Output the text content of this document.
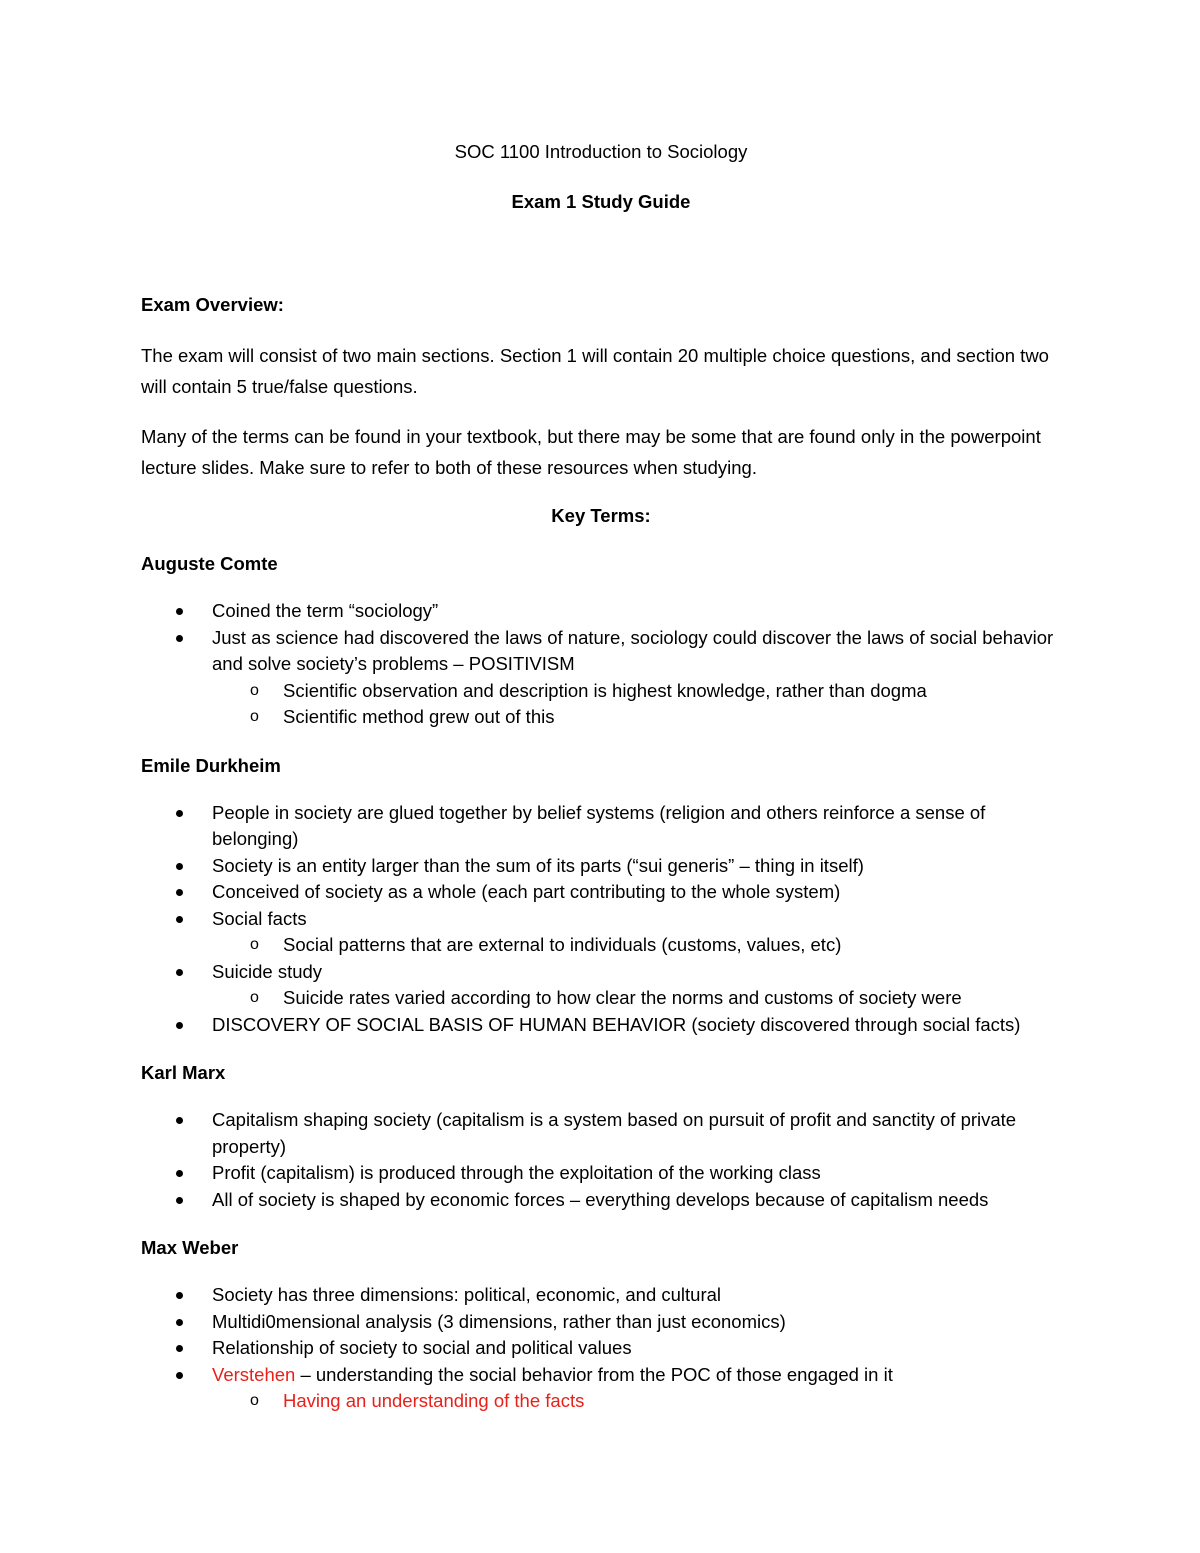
SOC 1100 Introduction to Sociology
Exam 1 Study Guide
Exam Overview:

The exam will consist of two main sections. Section 1 will contain 20 multiple choice questions, and section two will contain 5 true/false questions.

Many of the terms can be found in your textbook, but there may be some that are found only in the powerpoint lecture slides. Make sure to refer to both of these resources when studying.

Key Terms:
Auguste Comte
Coined the term “sociology”
Just as science had discovered the laws of nature, sociology could discover the laws of social behavior and solve society’s problems – POSITIVISM
o Scientific observation and description is highest knowledge, rather than dogma
o Scientific method grew out of this
Emile Durkheim
People in society are glued together by belief systems (religion and others reinforce a sense of belonging)
Society is an entity larger than the sum of its parts (“sui generis” – thing in itself)
Conceived of society as a whole (each part contributing to the whole system)
Social facts
o Social patterns that are external to individuals (customs, values, etc)
Suicide study
o Suicide rates varied according to how clear the norms and customs of society were
DISCOVERY OF SOCIAL BASIS OF HUMAN BEHAVIOR (society discovered through social facts)
Karl Marx
Capitalism shaping society (capitalism is a system based on pursuit of profit and sanctity of private property)
Profit (capitalism) is produced through the exploitation of the working class
All of society is shaped by economic forces – everything develops because of capitalism needs
Max Weber
Society has three dimensions: political, economic, and cultural
Multidi0mensional analysis (3 dimensions, rather than just economics)
Relationship of society to social and political values
Verstehen – understanding the social behavior from the POC of those engaged in it
o Having an understanding of the facts
